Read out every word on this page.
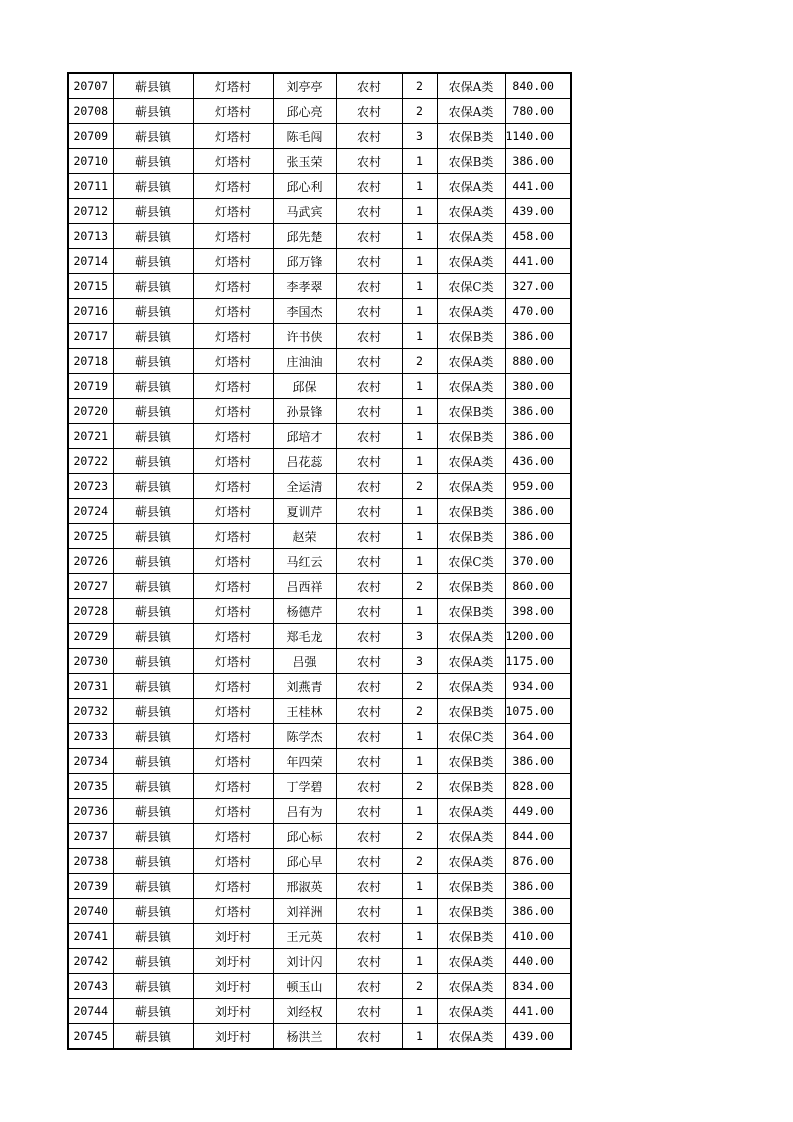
20707	蕲县镇	灯塔村	刘亭亭	农村	2	农保A类	840.00
20708	蕲县镇	灯塔村	邱心亮	农村	2	农保A类	780.00
20709	蕲县镇	灯塔村	陈毛闯	农村	3	农保B类	1140.00
20710	蕲县镇	灯塔村	张玉荣	农村	1	农保B类	386.00
20711	蕲县镇	灯塔村	邱心利	农村	1	农保A类	441.00
20712	蕲县镇	灯塔村	马武宾	农村	1	农保A类	439.00
20713	蕲县镇	灯塔村	邱先楚	农村	1	农保A类	458.00
20714	蕲县镇	灯塔村	邱万锋	农村	1	农保A类	441.00
20715	蕲县镇	灯塔村	李孝翠	农村	1	农保C类	327.00
20716	蕲县镇	灯塔村	李国杰	农村	1	农保A类	470.00
20717	蕲县镇	灯塔村	许书侠	农村	1	农保B类	386.00
20718	蕲县镇	灯塔村	庄油油	农村	2	农保A类	880.00
20719	蕲县镇	灯塔村	邱保	农村	1	农保A类	380.00
20720	蕲县镇	灯塔村	孙景锋	农村	1	农保B类	386.00
20721	蕲县镇	灯塔村	邱培才	农村	1	农保B类	386.00
20722	蕲县镇	灯塔村	吕花蕊	农村	1	农保A类	436.00
20723	蕲县镇	灯塔村	全运清	农村	2	农保A类	959.00
20724	蕲县镇	灯塔村	夏训芹	农村	1	农保B类	386.00
20725	蕲县镇	灯塔村	赵荣	农村	1	农保B类	386.00
20726	蕲县镇	灯塔村	马红云	农村	1	农保C类	370.00
20727	蕲县镇	灯塔村	吕西祥	农村	2	农保B类	860.00
20728	蕲县镇	灯塔村	杨德芹	农村	1	农保B类	398.00
20729	蕲县镇	灯塔村	郑毛龙	农村	3	农保A类	1200.00
20730	蕲县镇	灯塔村	吕强	农村	3	农保A类	1175.00
20731	蕲县镇	灯塔村	刘燕青	农村	2	农保A类	934.00
20732	蕲县镇	灯塔村	王桂林	农村	2	农保B类	1075.00
20733	蕲县镇	灯塔村	陈学杰	农村	1	农保C类	364.00
20734	蕲县镇	灯塔村	年四荣	农村	1	农保B类	386.00
20735	蕲县镇	灯塔村	丁学碧	农村	2	农保B类	828.00
20736	蕲县镇	灯塔村	吕有为	农村	1	农保A类	449.00
20737	蕲县镇	灯塔村	邱心标	农村	2	农保A类	844.00
20738	蕲县镇	灯塔村	邱心早	农村	2	农保A类	876.00
20739	蕲县镇	灯塔村	邢淑英	农村	1	农保B类	386.00
20740	蕲县镇	灯塔村	刘祥洲	农村	1	农保B类	386.00
20741	蕲县镇	刘圩村	王元英	农村	1	农保B类	410.00
20742	蕲县镇	刘圩村	刘计闪	农村	1	农保A类	440.00
20743	蕲县镇	刘圩村	顿玉山	农村	2	农保A类	834.00
20744	蕲县镇	刘圩村	刘经权	农村	1	农保A类	441.00
20745	蕲县镇	刘圩村	杨洪兰	农村	1	农保A类	439.00
